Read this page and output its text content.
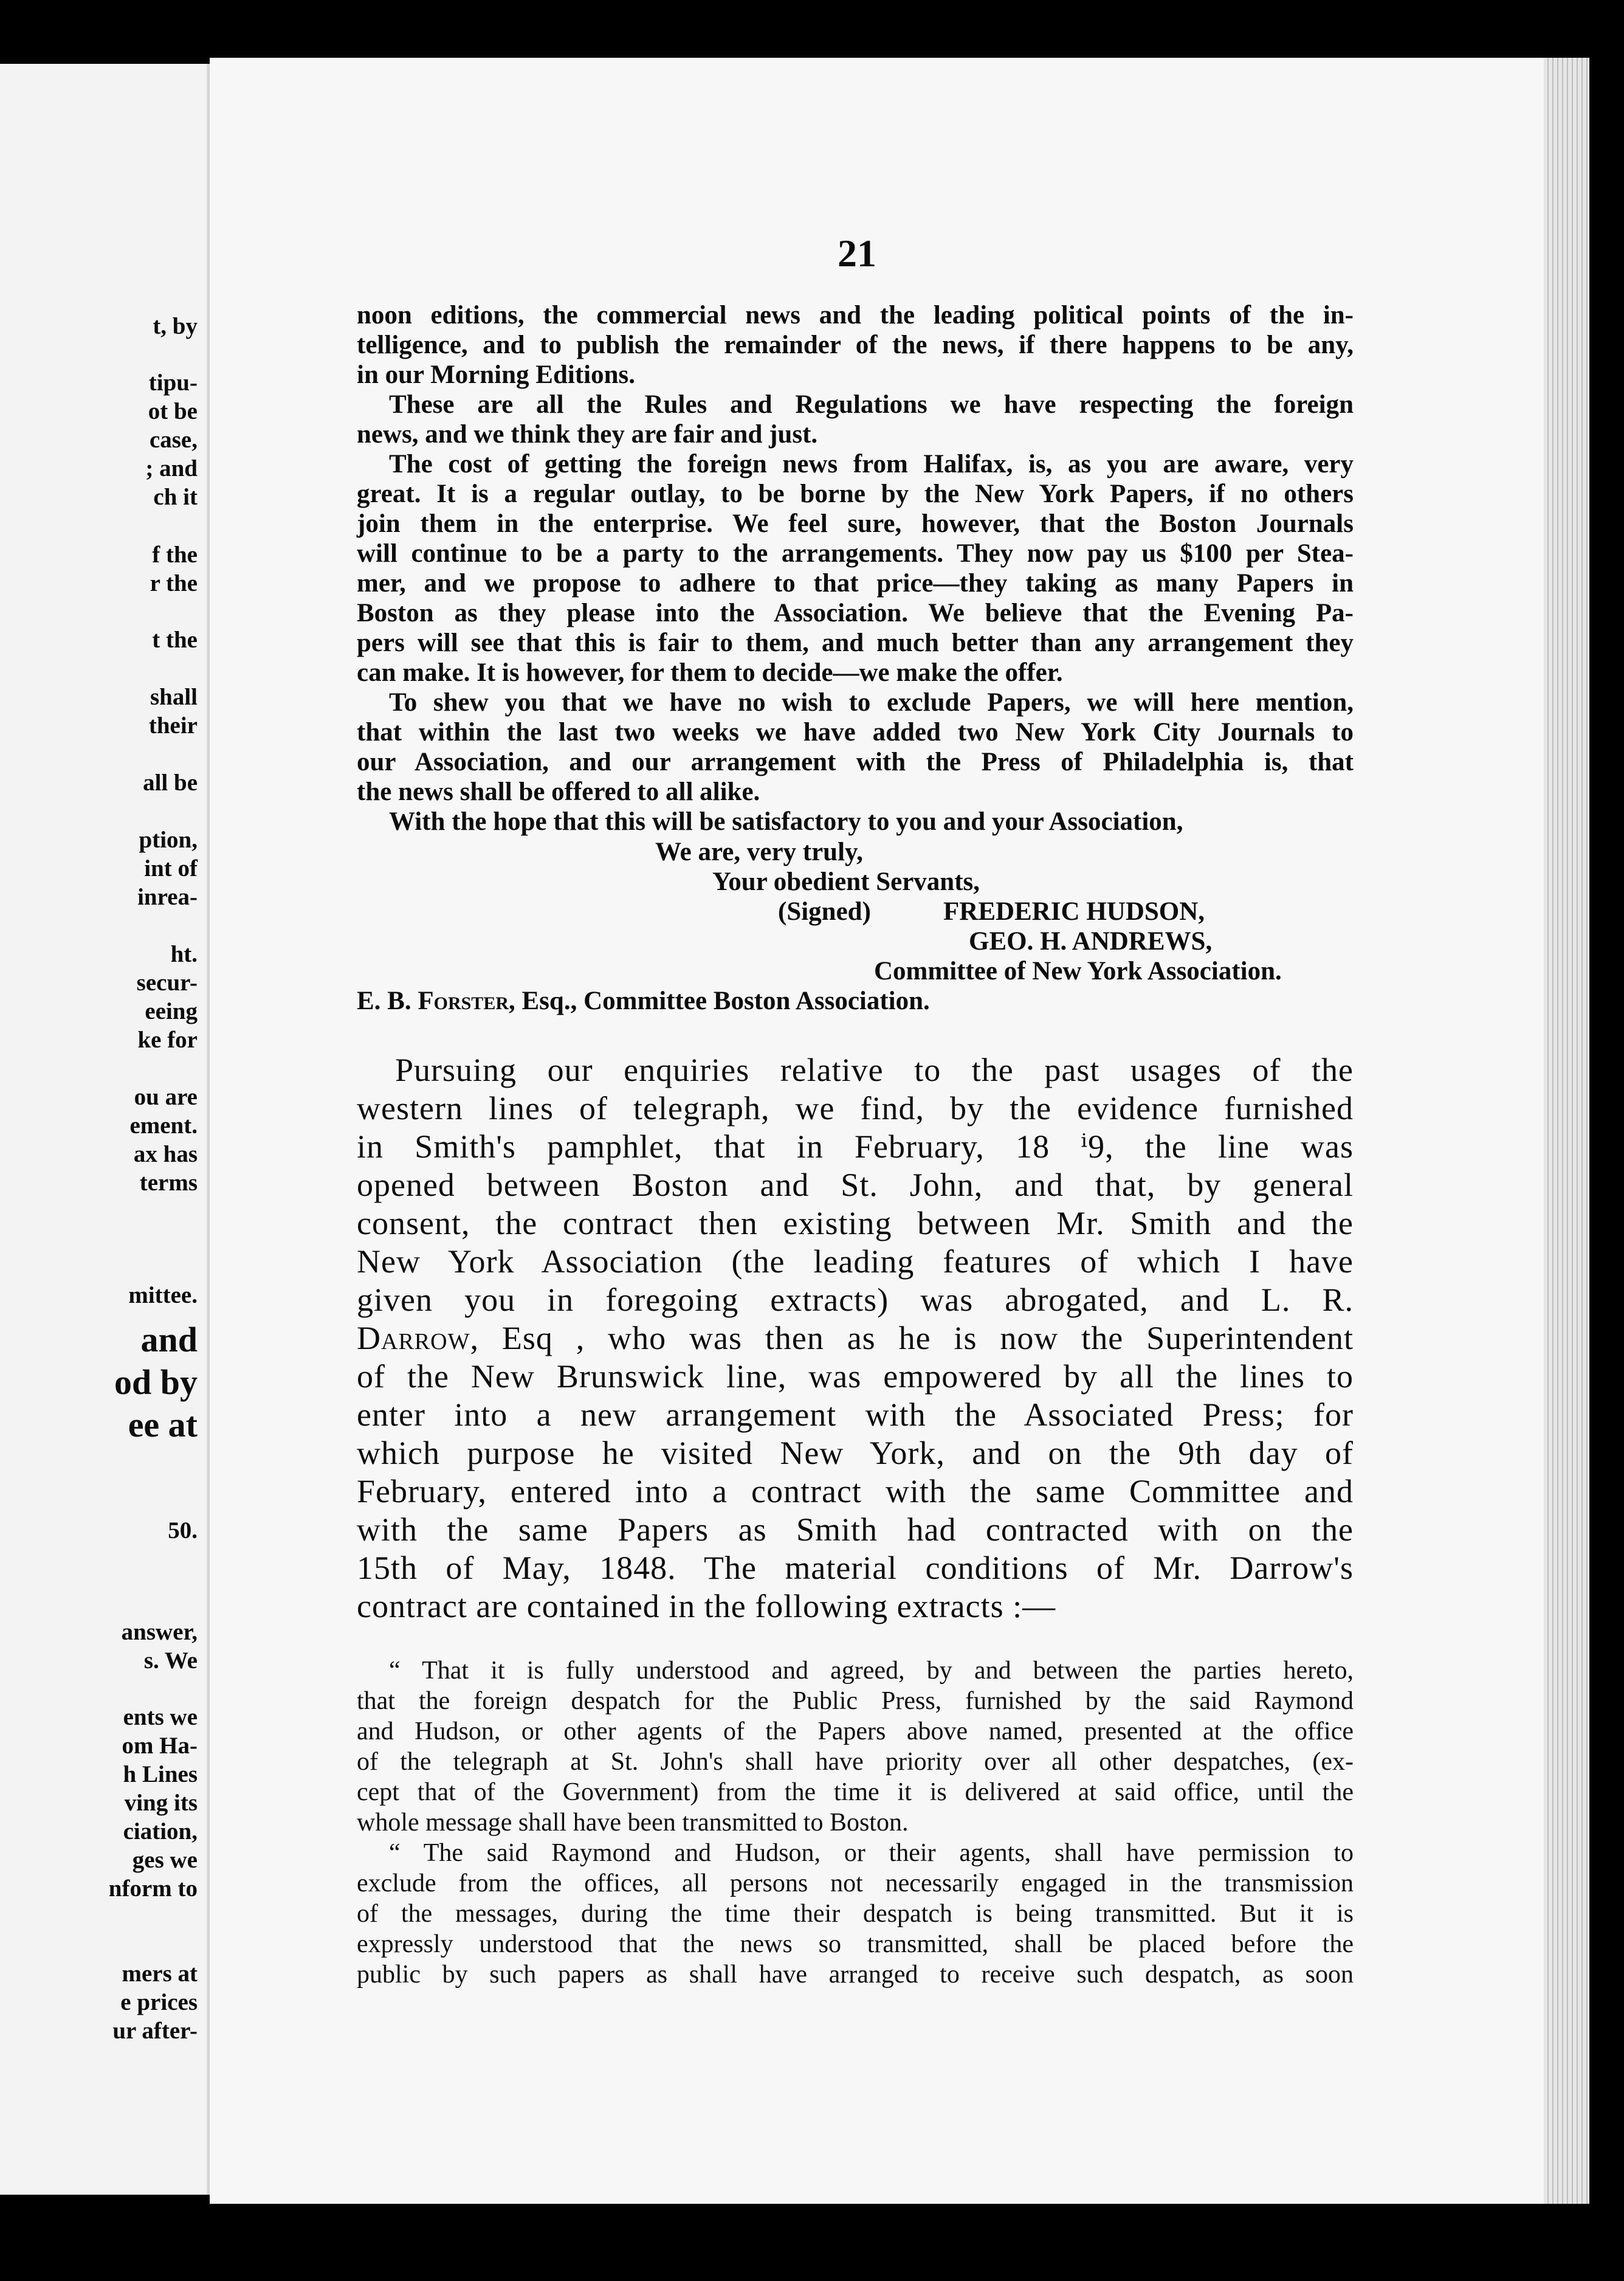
t, by
tipu-
ot be
case,
; and
ch it
f the
r the
t the
shall
their
all be
ption,
int of
inrea-
ht.
secur-
eeing
ke for
ou are
ement.
ax has
terms
mittee.
and
od by
ee at
50.
answer,
s. We
ents we
om Ha-
h Lines
ving its
ciation,
ges we
nform to
mers at
e prices
ur after-
21
noon editions, the commercial news and the leading political points of the in-
telligence, and to publish the remainder of the news, if there happens to be any,
in our Morning Editions.
These are all the Rules and Regulations we have respecting the foreign
news, and we think they are fair and just.
The cost of getting the foreign news from Halifax, is, as you are aware, very
great. It is a regular outlay, to be borne by the New York Papers, if no others
join them in the enterprise. We feel sure, however, that the Boston Journals
will continue to be a party to the arrangements. They now pay us $100 per Stea-
mer, and we propose to adhere to that price—they taking as many Papers in
Boston as they please into the Association. We believe that the Evening Pa-
pers will see that this is fair to them, and much better than any arrangement they
can make. It is however, for them to decide—we make the offer.
To shew you that we have no wish to exclude Papers, we will here mention,
that within the last two weeks we have added two New York City Journals to
our Association, and our arrangement with the Press of Philadelphia is, that
the news shall be offered to all alike.
With the hope that this will be satisfactory to you and your Association,
We are, very truly,
Your obedient Servants,
(Signed)	FREDERIC HUDSON,
GEO. H. ANDREWS,
Committee of New York Association.
E. B. Forster, Esq., Committee Boston Association.
Pursuing our enquiries relative to the past usages of the
western lines of telegraph, we find, by the evidence furnished
in Smith's pamphlet, that in February, 18 ⁱ9, the line was
opened between Boston and St. John, and that, by general
consent, the contract then existing between Mr. Smith and the
New York Association (the leading features of which I have
given you in foregoing extracts) was abrogated, and L. R.
Darrow, Esq , who was then as he is now the Superintendent
of the New Brunswick line, was empowered by all the lines to
enter into a new arrangement with the Associated Press; for
which purpose he visited New York, and on the 9th day of
February, entered into a contract with the same Committee and
with the same Papers as Smith had contracted with on the
15th of May, 1848. The material conditions of Mr. Darrow's
contract are contained in the following extracts :—
“ That it is fully understood and agreed, by and between the parties hereto,
that the foreign despatch for the Public Press, furnished by the said Raymond
and Hudson, or other agents of the Papers above named, presented at the office
of the telegraph at St. John's shall have priority over all other despatches, (ex-
cept that of the Government) from the time it is delivered at said office, until the
whole message shall have been transmitted to Boston.
“ The said Raymond and Hudson, or their agents, shall have permission to
exclude from the offices, all persons not necessarily engaged in the transmission
of the messages, during the time their despatch is being transmitted. But it is
expressly understood that the news so transmitted, shall be placed before the
public by such papers as shall have arranged to receive such despatch, as soon
